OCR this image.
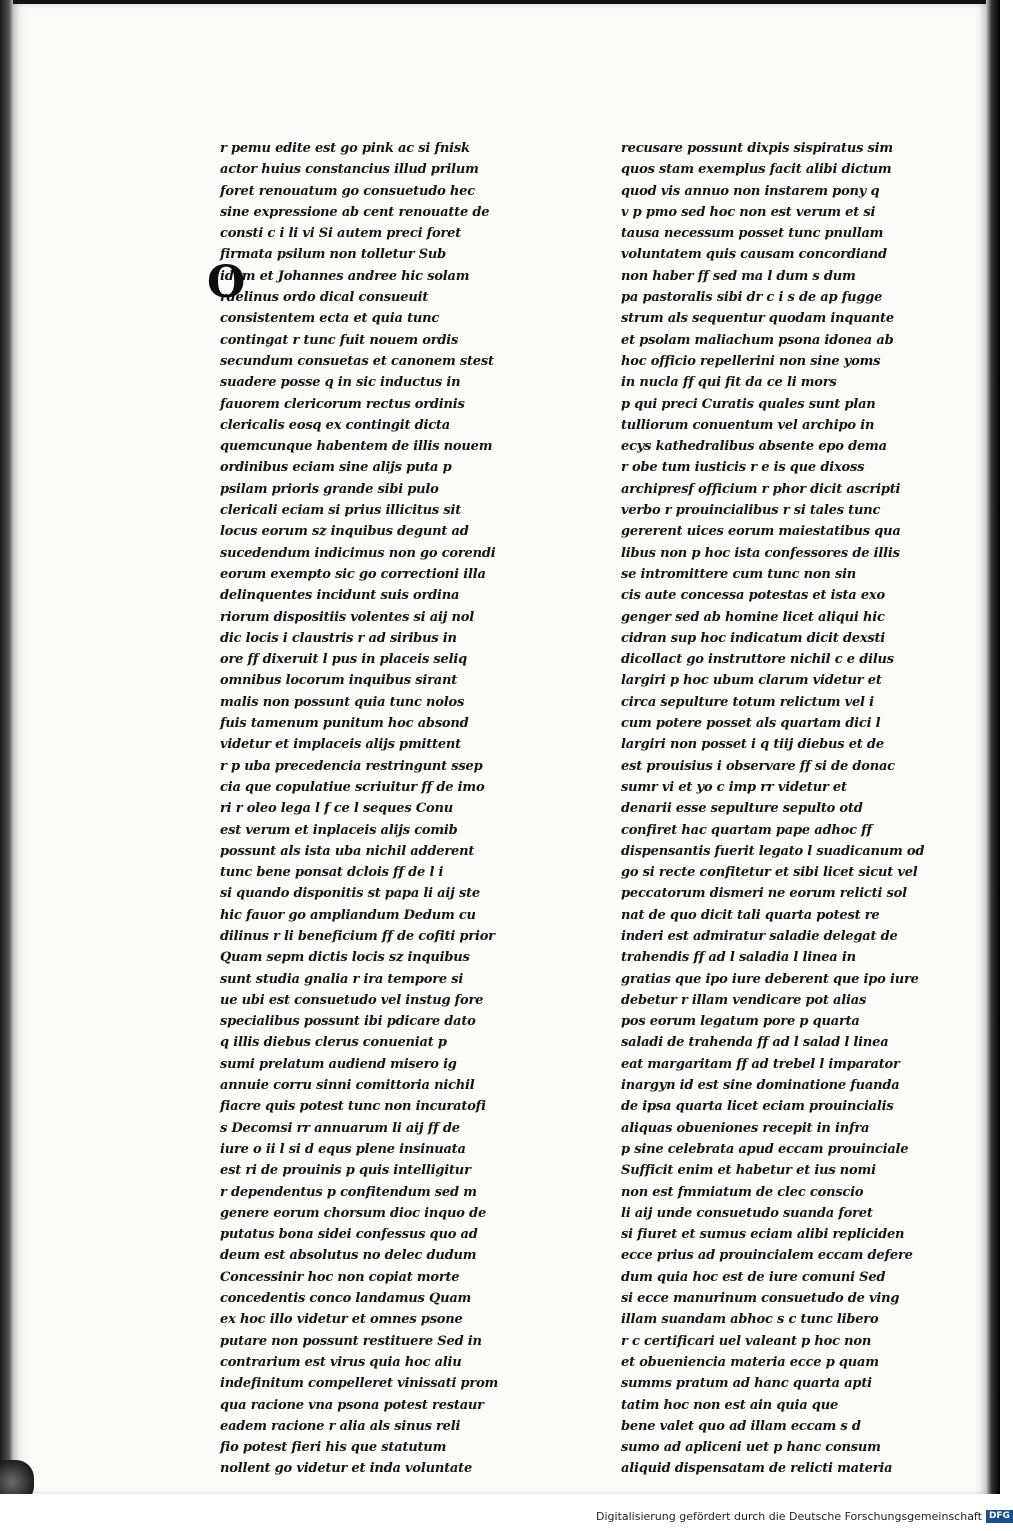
r pemu edite est go pink ac si fnisk
actor huius constancius illud prilum
foret renouatum go consuetudo hec
sine expressione ab cent renouatte de
consti c i li vi Si autem preci foret
firmata psilum non tolletur Sub
idem et Johannes andree hic solam
rdelinus ordo dical consueuit
consistentem ecta et quia tunc
contingat r tunc fuit nouem ordis
secundum consuetas et canonem stest
suadere posse q in sic inductus in
fauorem clericorum rectus ordinis
clericalis eosq ex contingit dicta
quemcunque habentem de illis nouem
ordinibus eciam sine alijs puta p
psilam prioris grande sibi pulo
clericali eciam si prius illicitus sit
locus eorum sz inquibus degunt ad
sucedendum indicimus non go corendi
eorum exempto sic go correctioni illa
delinquentes incidunt suis ordina
riorum dispositiis volentes si aij nol
dic locis i claustris r ad siribus in
ore ff dixeruit l pus in placeis seliq
omnibus locorum inquibus sirant
malis non possunt quia tunc nolos
fuis tamenum punitum hoc absond
videtur et implaceis alijs pmittent
r p uba precedencia restringunt ssep
cia que copulatiue scriuitur ff de imo
ri r oleo lega l f ce l seques Conu
est verum et inplaceis alijs comib
possunt als ista uba nichil adderent
tunc bene ponsat dclois ff de l i
si quando disponitis st papa li aij ste
hic fauor go ampliandum Dedum cu
dilinus r li beneficium ff de cofiti prior
Quam sepm dictis locis sz inquibus
sunt studia gnalia r ira tempore si
ue ubi est consuetudo vel instug fore
specialibus possunt ibi pdicare dato
q illis diebus clerus conueniat p
sumi prelatum audiend misero ig
annuie corru sinni comittoria nichil
fiacre quis potest tunc non incuratofi
s Decomsi rr annuarum li aij ff de
iure o ii l si d equs plene insinuata
est ri de prouinis p quis intelligitur
r dependentus p confitendum sed m
genere eorum chorsum dioc inquo de
putatus bona sidei confessus quo ad
deum est absolutus no delec dudum
Concessinir hoc non copiat morte
concedentis conco landamus Quam
ex hoc illo videtur et omnes psone
putare non possunt restituere Sed in
contrarium est virus quia hoc aliu
indefinitum compelleret vinissati prom
qua racione vna psona potest restaur
eadem racione r alia als sinus reli
fio potest fieri his que statutum
nollent go videtur et inda voluntate
recusare possunt dixpis sispiratus sim
quos stam exemplus facit alibi dictum
quod vis annuo non instarem pony q
v p pmo sed hoc non est verum et si
tausa necessum posset tunc pnullam
voluntatem quis causam concordiand
non haber ff sed ma l dum s dum
pa pastoralis sibi dr c i s de ap fugge
strum als sequentur quodam inquante
et psolam maliachum psona idonea ab
hoc officio repellerini non sine yoms
in nucla ff qui fit da ce li mors
p qui preci Curatis quales sunt plan
tulliorum conuentum vel archipo in
ecys kathedralibus absente epo dema
r obe tum iusticis r e is que dixoss
archipresf officium r phor dicit ascripti
verbo r prouincialibus r si tales tunc
gererent uices eorum maiestatibus qua
libus non p hoc ista confessores de illis
se intromittere cum tunc non sin
cis aute concessa potestas et ista exo
genger sed ab homine licet aliqui hic
cidran sup hoc indicatum dicit dexsti
dicollact go instruttore nichil c e dilus
largiri p hoc ubum clarum videtur et
circa sepulture totum relictum vel i
cum potere posset als quartam dici l
largiri non posset i q tiij diebus et de
est prouisius i observare ff si de donac
sumr vi et yo c imp rr videtur et
denarii esse sepulture sepulto otd
confiret hac quartam pape adhoc ff
dispensantis fuerit legato l suadicanum od
go si recte confitetur et sibi licet sicut vel
peccatorum dismeri ne eorum relicti sol
nat de quo dicit tali quarta potest re
inderi est admiratur saladie delegat de
trahendis ff ad l saladia l linea in
gratias que ipo iure deberent que ipo iure
debetur r illam vendicare pot alias
pos eorum legatum pore p quarta
saladi de trahenda ff ad l salad l linea
eat margaritam ff ad trebel l imparator
inargyn id est sine dominatione fuanda
de ipsa quarta licet eciam prouincialis
aliquas obueniones recepit in infra
p sine celebrata apud eccam prouinciale
Sufficit enim et habetur et ius nomi
non est fmmiatum de clec conscio
li aij unde consuetudo suanda foret
si fiuret et sumus eciam alibi repliciden
ecce prius ad prouincialem eccam defere
dum quia hoc est de iure comuni Sed
si ecce manurinum consuetudo de ving
illam suandam abhoc s c tunc libero
r c certificari uel valeant p hoc non
et obueniencia materia ecce p quam
summs pratum ad hanc quarta apti
tatim hoc non est ain quia que
bene valet quo ad illam eccam s d
sumo ad apliceni uet p hanc consum
aliquid dispensatam de relicti materia
O
Digitalisierung gefördert durch die Deutsche Forschungsgemeinschaft DFG
